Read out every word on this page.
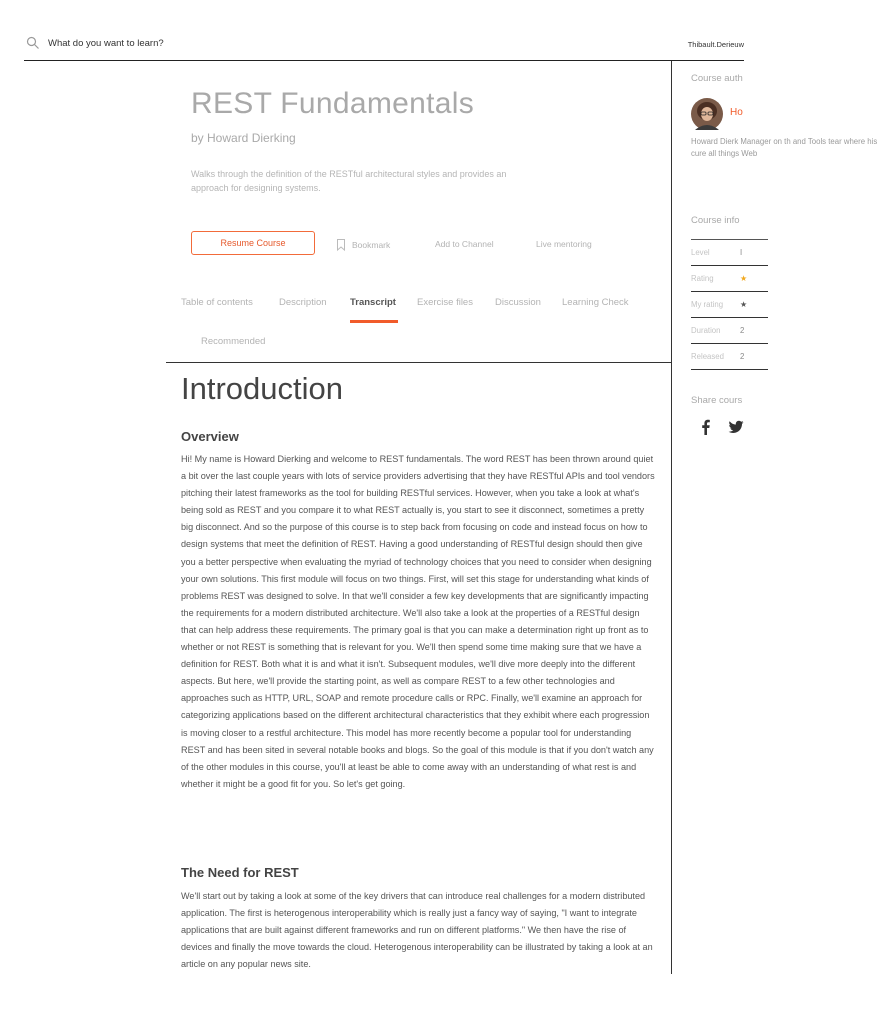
What do you want to learn?
Thibault.Derieuw
REST Fundamentals
by Howard Dierking
Walks through the definition of the RESTful architectural styles and provides an approach for designing systems.
Resume Course	Bookmark	Add to Channel	Live mentoring
Table of contents	Description Transcript Exercise files Discussion Learning Check
Recommended
Introduction
Overview

Hi! My name is Howard Dierking and welcome to REST fundamentals. The word REST has been thrown around quiet a bit over the last couple years with lots of service providers advertising that they have RESTful APIs and tool vendors pitching their latest frameworks as the tool for building RESTful services. However, when you take a look at what's being sold as REST and you compare it to what REST actually is, you start to see it disconnect, sometimes a pretty big disconnect. And so the purpose of this course is to step back from focusing on code and instead focus on how to design systems that meet the definition of REST. Having a good understanding of RESTful design should then give you a better perspective when evaluating the myriad of technology choices that you need to consider when designing your own solutions. This first module will focus on two things. First, will set this stage for understanding what kinds of problems REST was designed to solve. In that we'll consider a few key developments that are significantly impacting the requirements for a modern distributed architecture. We'll also take a look at the properties of a RESTful design that can help address these requirements. The primary goal is that you can make a determination right up front as to whether or not REST is something that is relevant for you. We'll then spend some time making sure that we have a definition for REST. Both what it is and what it isn't. Subsequent modules, we'll dive more deeply into the different aspects. But here, we'll provide the starting point, as well as compare REST to a few other technologies and approaches such as HTTP, URL, SOAP and remote procedure calls or RPC. Finally, we'll examine an approach for categorizing applications based on the different architectural characteristics that they exhibit where each progression is moving closer to a restful architecture. This model has more recently become a popular tool for understanding REST and has been sited in several notable books and blogs. So the goal of this module is that if you don't watch any of the other modules in this course, you'll at least be able to come away with an understanding of what rest is and whether it might be a good fit for you. So let's get going.

The Need for REST

We'll start out by taking a look at some of the key drivers that can introduce real challenges for a modern distributed application. The first is heterogenous interoperability which is really just a fancy way of saying, "I want to integrate applications that are built against different frameworks and run on different platforms." We then have the rise of devices and finally the move towards the cloud. Heterogenous interoperability can be illustrated by taking a look at an article on any popular news site.

Course auth
Ho
Howard Dierk Manager on th and Tools tear where his cure all things Web
Course info
Level	I
Rating	★
My rating ★
Duration	2
Released 2
Share cours
